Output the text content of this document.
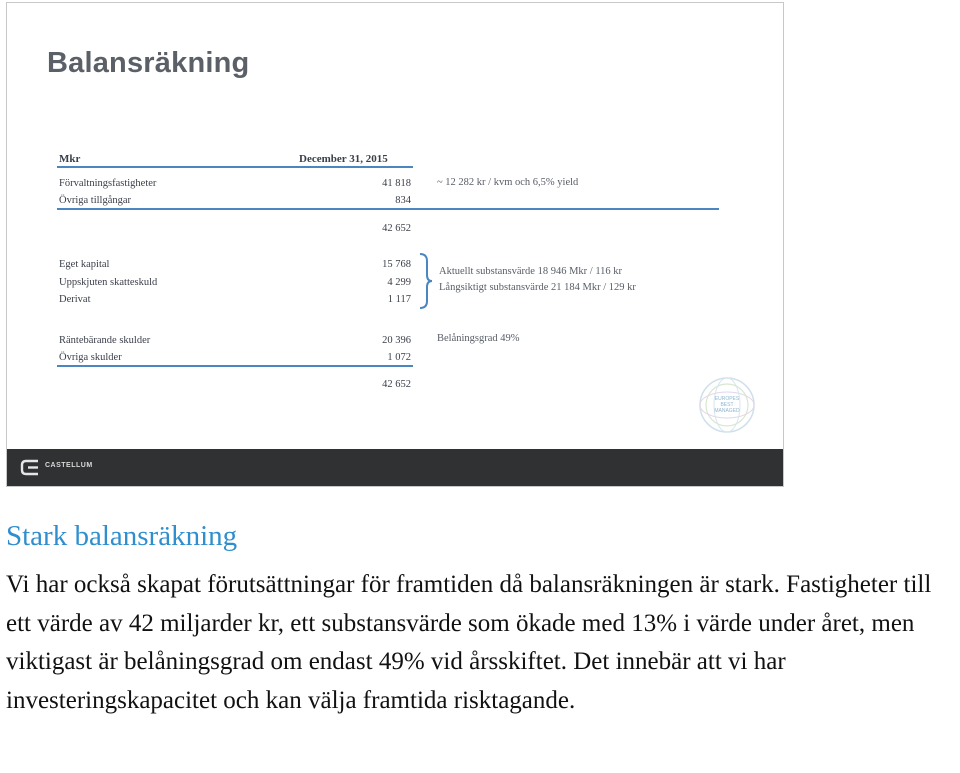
Balansräkning
Mkr	December 31, 2015
Förvaltningsfastigheter	41 818 ~ 12 282 kr / kvm och 6,5% yield
Övriga tillgångar	834
42 652
Eget kapital	15 768
Uppskjuten skatteskuld	4 299
Derivat	1 117
Aktuellt substansvärde 18 946 Mkr / 116 kr
Långsiktigt substansvärde 21 184 Mkr / 129 kr
Räntebärande skulder	20 396 Belåningsgrad 49%
Övriga skulder	1 072
42 652
EUROPES
BEST
MANAGED
CASTELLUM
Stark balansräkning
Vi har också skapat förutsättningar för framtiden då balansräkningen är stark. Fastigheter till ett värde av 42 miljarder kr, ett substansvärde som ökade med 13% i värde under året, men viktigast är belåningsgrad om endast 49% vid årsskiftet. Det innebär att vi har investeringskapacitet och kan välja framtida risktagande.
